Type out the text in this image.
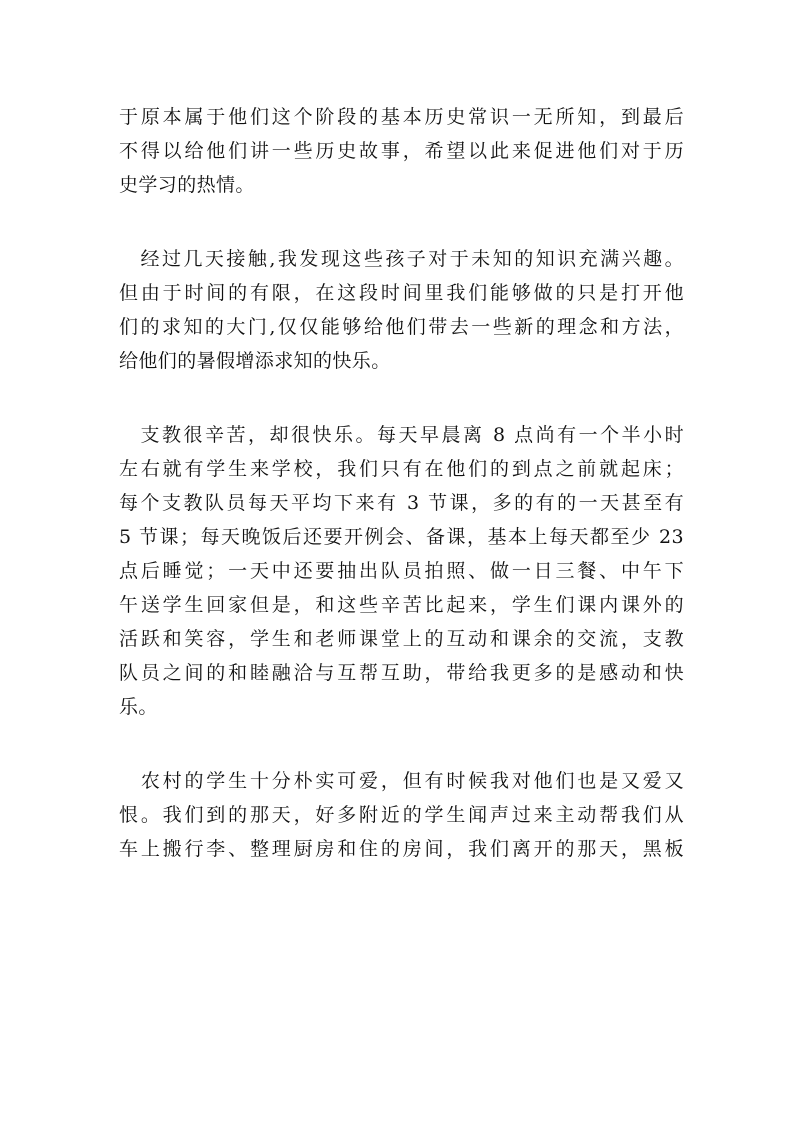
于原本属于他们这个阶段的基本历史常识一无所知，到最后
不得以给他们讲一些历史故事，希望以此来促进他们对于历
史学习的热情。
　经过几天接触,我发现这些孩子对于未知的知识充满兴趣。
但由于时间的有限，在这段时间里我们能够做的只是打开他
们的求知的大门,仅仅能够给他们带去一些新的理念和方法，
给他们的暑假增添求知的快乐。
　支教很辛苦，却很快乐。每天早晨离 8 点尚有一个半小时
左右就有学生来学校，我们只有在他们的到点之前就起床；
每个支教队员每天平均下来有 3 节课，多的有的一天甚至有
5 节课；每天晚饭后还要开例会、备课，基本上每天都至少 23
点后睡觉；一天中还要抽出队员拍照、做一日三餐、中午下
午送学生回家但是，和这些辛苦比起来，学生们课内课外的
活跃和笑容，学生和老师课堂上的互动和课余的交流，支教
队员之间的和睦融洽与互帮互助，带给我更多的是感动和快
乐。
　农村的学生十分朴实可爱，但有时候我对他们也是又爱又
恨。我们到的那天，好多附近的学生闻声过来主动帮我们从
车上搬行李、整理厨房和住的房间，我们离开的那天，黑板
